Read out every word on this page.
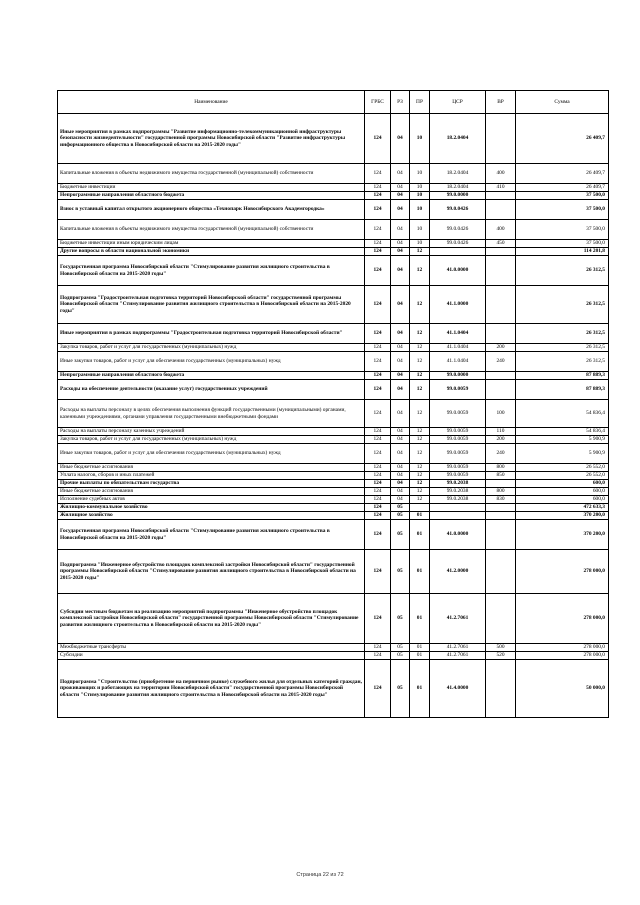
Наименование	ГРБС	РЗ	ПР	ЦСР	ВР	Сумма
Иные мероприятия в рамках подпрограммы "Развитие информационно-телекоммуникационной инфраструктуры безопасности жизнедеятельности" государственной программы Новосибирской области "Развитие инфраструктуры информационного общества в Новосибирской области на 2015-2020 годы"	124	04	10	18.2.0404		26 409,7
Капитальные вложения в объекты недвижимого имущества государственной (муниципальной) собственности	124	04	10	18.2.0404	400	26 409,7
Бюджетные инвестиции	124	04	10	18.2.0404	410	26 409,7
Непрограммные направления областного бюджета	124	04	10	99.0.0000		37 500,0
Взнос в уставный капитал открытого акционерного общества «Технопарк Новосибирского Академгородка»	124	04	10	99.0.0426		37 500,0
Капитальные вложения в объекты недвижимого имущества государственной (муниципальной) собственности	124	04	10	99.0.0426	400	37 500,0
Бюджетные инвестиции иным юридическим лицам	124	04	10	99.0.0426	450	37 500,0
Другие вопросы в области национальной экономики	124	04	12			114 201,8
Государственная программа Новосибирской области "Стимулирование развития жилищного строительства в Новосибирской области на 2015-2020 годы"	124	04	12	41.0.0000		26 312,5
Подпрограмма "Градостроительная подготовка территорий Новосибирской области" государственной программы Новосибирской области "Стимулирование развития жилищного строительства в Новосибирской области на 2015-2020 годы"	124	04	12	41.1.0000		26 312,5
Иные мероприятия в рамках подпрограммы "Градостроительная подготовка территорий Новосибирской области"	124	04	12	41.1.0404		26 312,5
Закупка товаров, работ и услуг для государственных (муниципальных) нужд	124	04	12	41.1.0404	200	26 312,5
Иные закупки товаров, работ и услуг для обеспечения государственных (муниципальных) нужд	124	04	12	41.1.0404	240	26 312,5
Непрограммные направления областного бюджета	124	04	12	99.0.0000		87 889,3
Расходы на обеспечение деятельности (оказание услуг) государственных учреждений	124	04	12	99.0.0059		87 889,3
Расходы на выплаты персоналу в целях обеспечения выполнения функций государственными (муниципальными) органами, казенными учреждениями, органами управления государственными внебюджетными фондами	124	04	12	99.0.0059	100	54 836,4
Расходы на выплаты персоналу казенных учреждений	124	04	12	99.0.0059	110	54 836,4
Закупка товаров, работ и услуг для государственных (муниципальных) нужд	124	04	12	99.0.0059	200	5 900,9
Иные закупки товаров, работ и услуг для обеспечения государственных (муниципальных) нужд	124	04	12	99.0.0059	240	5 900,9
Иные бюджетные ассигнования	124	04	12	99.0.0059	800	26 552,0
Уплата налогов, сборов и иных платежей	124	04	12	99.0.0059	850	26 552,0
Прочие выплаты по обязательствам государства	124	04	12	99.0.2038		600,0
Иные бюджетные ассигнования	124	04	12	99.0.2038	800	600,0
Исполнение судебных актов	124	04	12	99.0.2038	830	600,0
Жилищно-коммунальное хозяйство	124	05				472 633,3
Жилищное хозяйство	124	05	01			370 200,0
Государственная программа Новосибирской области "Стимулирование развития жилищного строительства в Новосибирской области на 2015-2020 годы"	124	05	01	41.0.0000		370 200,0
Подпрограмма "Инженерное обустройство площадок комплексной застройки Новосибирской области" государственной программы Новосибирской области "Стимулирование развития жилищного строительства в Новосибирской области на 2015-2020 годы"	124	05	01	41.2.0000		278 000,0
Субсидии местным бюджетам на реализацию мероприятий подпрограммы "Инженерное обустройство площадок комплексной застройки Новосибирской области" государственной программы Новосибирской области "Стимулирование развития жилищного строительства в Новосибирской области на 2015-2020 годы"	124	05	01	41.2.7061		278 000,0
Межбюджетные трансферты	124	05	01	41.2.7061	500	278 000,0
Субсидии	124	05	01	41.2.7061	520	278 000,0
Подпрограмма "Строительство (приобретение на первичном рынке) служебного жилья для отдельных категорий граждан, проживающих и работающих на территории Новосибирской области" государственной программы Новосибирской области "Стимулирование развития жилищного строительства в Новосибирской области на 2015-2020 годы"	124	05	01	41.4.0000		50 000,0
Страница 22 из 72
